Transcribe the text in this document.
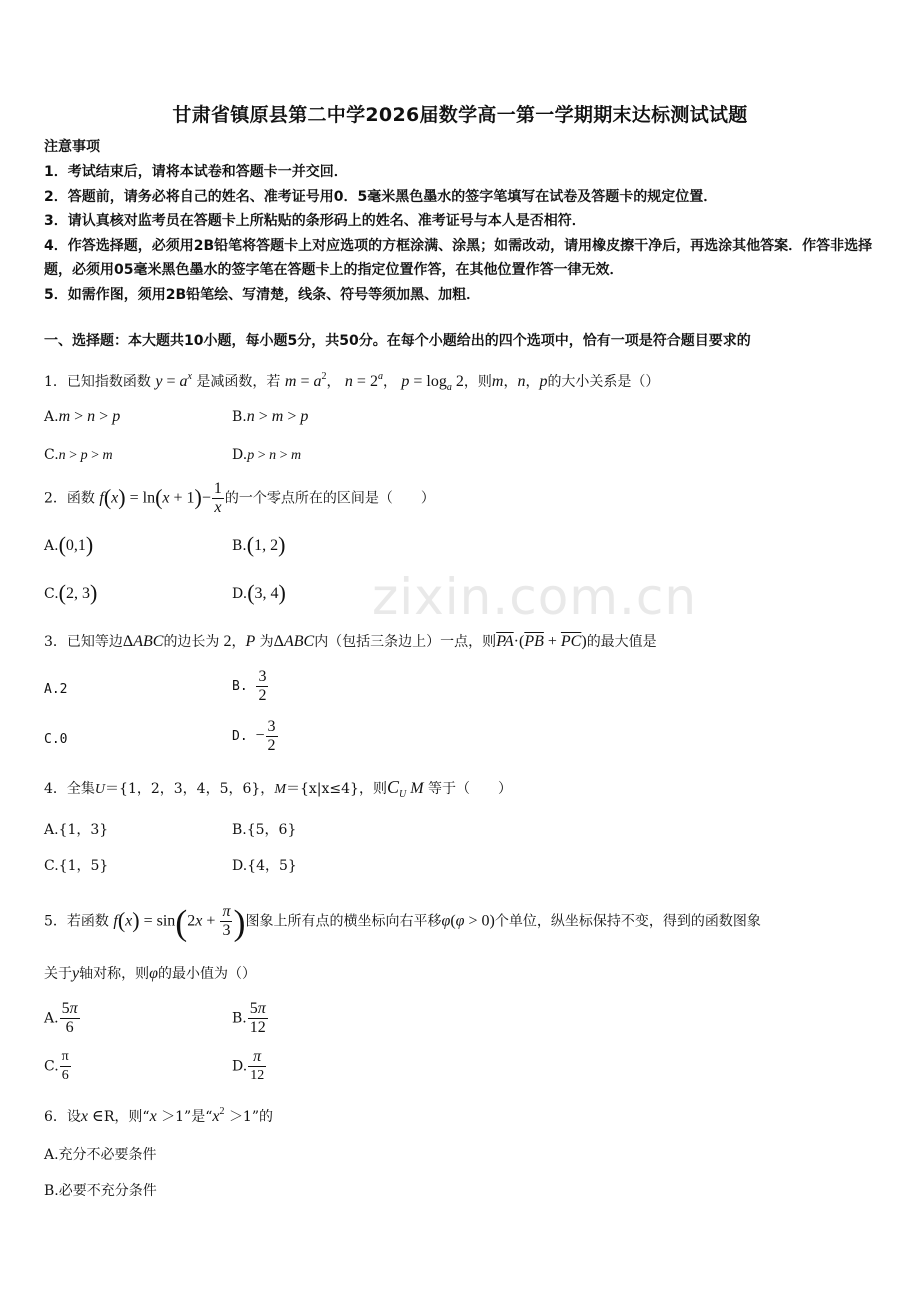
zixin.com.cn
甘肃省镇原县第二中学2026届数学高一第一学期期末达标测试试题
注意事项
1．考试结束后，请将本试卷和答题卡一并交回．
2．答题前，请务必将自己的姓名、准考证号用0．5毫米黑色墨水的签字笔填写在试卷及答题卡的规定位置．
3．请认真核对监考员在答题卡上所粘贴的条形码上的姓名、准考证号与本人是否相符．
4．作答选择题，必须用2B铅笔将答题卡上对应选项的方框涂满、涂黑；如需改动，请用橡皮擦干净后，再选涂其他答案．作答非选择题，必须用05毫米黑色墨水的签字笔在答题卡上的指定位置作答，在其他位置作答一律无效．
5．如需作图，须用2B铅笔绘、写清楚，线条、符号等须加黑、加粗．
一、选择题：本大题共10小题，每小题5分，共50分。在每个小题给出的四个选项中，恰有一项是符合题目要求的
1．已知指数函数 $y = a^x$ 是减函数，若 $m = a^2$， $n = 2^a$， $p = \log_a 2$，则m，n，p的大小关系是（）
A.m > n > p	B.n > m > p
C.n > p > m	D.p > n > m
2．函数 $f(x) = \ln(x + 1)- \frac{1}{x}$ 的一个零点所在的区间是（　　）
A.(0,1)	B.(1, 2)
C.(2, 3)	D.(3, 4)
3．已知等边ΔABC的边长为 2，P 为ΔABC内（包括三条边上）一点，则$\overline{PA}\cdot(\overline{PB} + \overline{PC})$的最大值是
A.2	B. $\frac{3}{2}$
C.0	D. − $\frac{3}{2}$
4．全集U＝{1，2，3，4，5，6}，M＝{x|x≤4}，则$C_U$ M 等于（　　）
A.{1，3}	B.{5，6}
C.{1，5}	D.{4，5}
5．若函数 $f(x) = \sin(2x + \frac{\pi}{3}$ )图象上所有点的横坐标向右平移φ(φ > 0)个单位，纵坐标保持不变，得到的函数图象
关于y轴对称，则φ的最小值为（）
A. $\frac{5\pi}{6}$	B. $\frac{5\pi}{12}$
C. $\frac{\pi}{6}$	D. $\frac{\pi}{12}$
6．设x ∈R，则“x ＞1”是“$x^2 >1$”的
A.充分不必要条件
B.必要不充分条件
